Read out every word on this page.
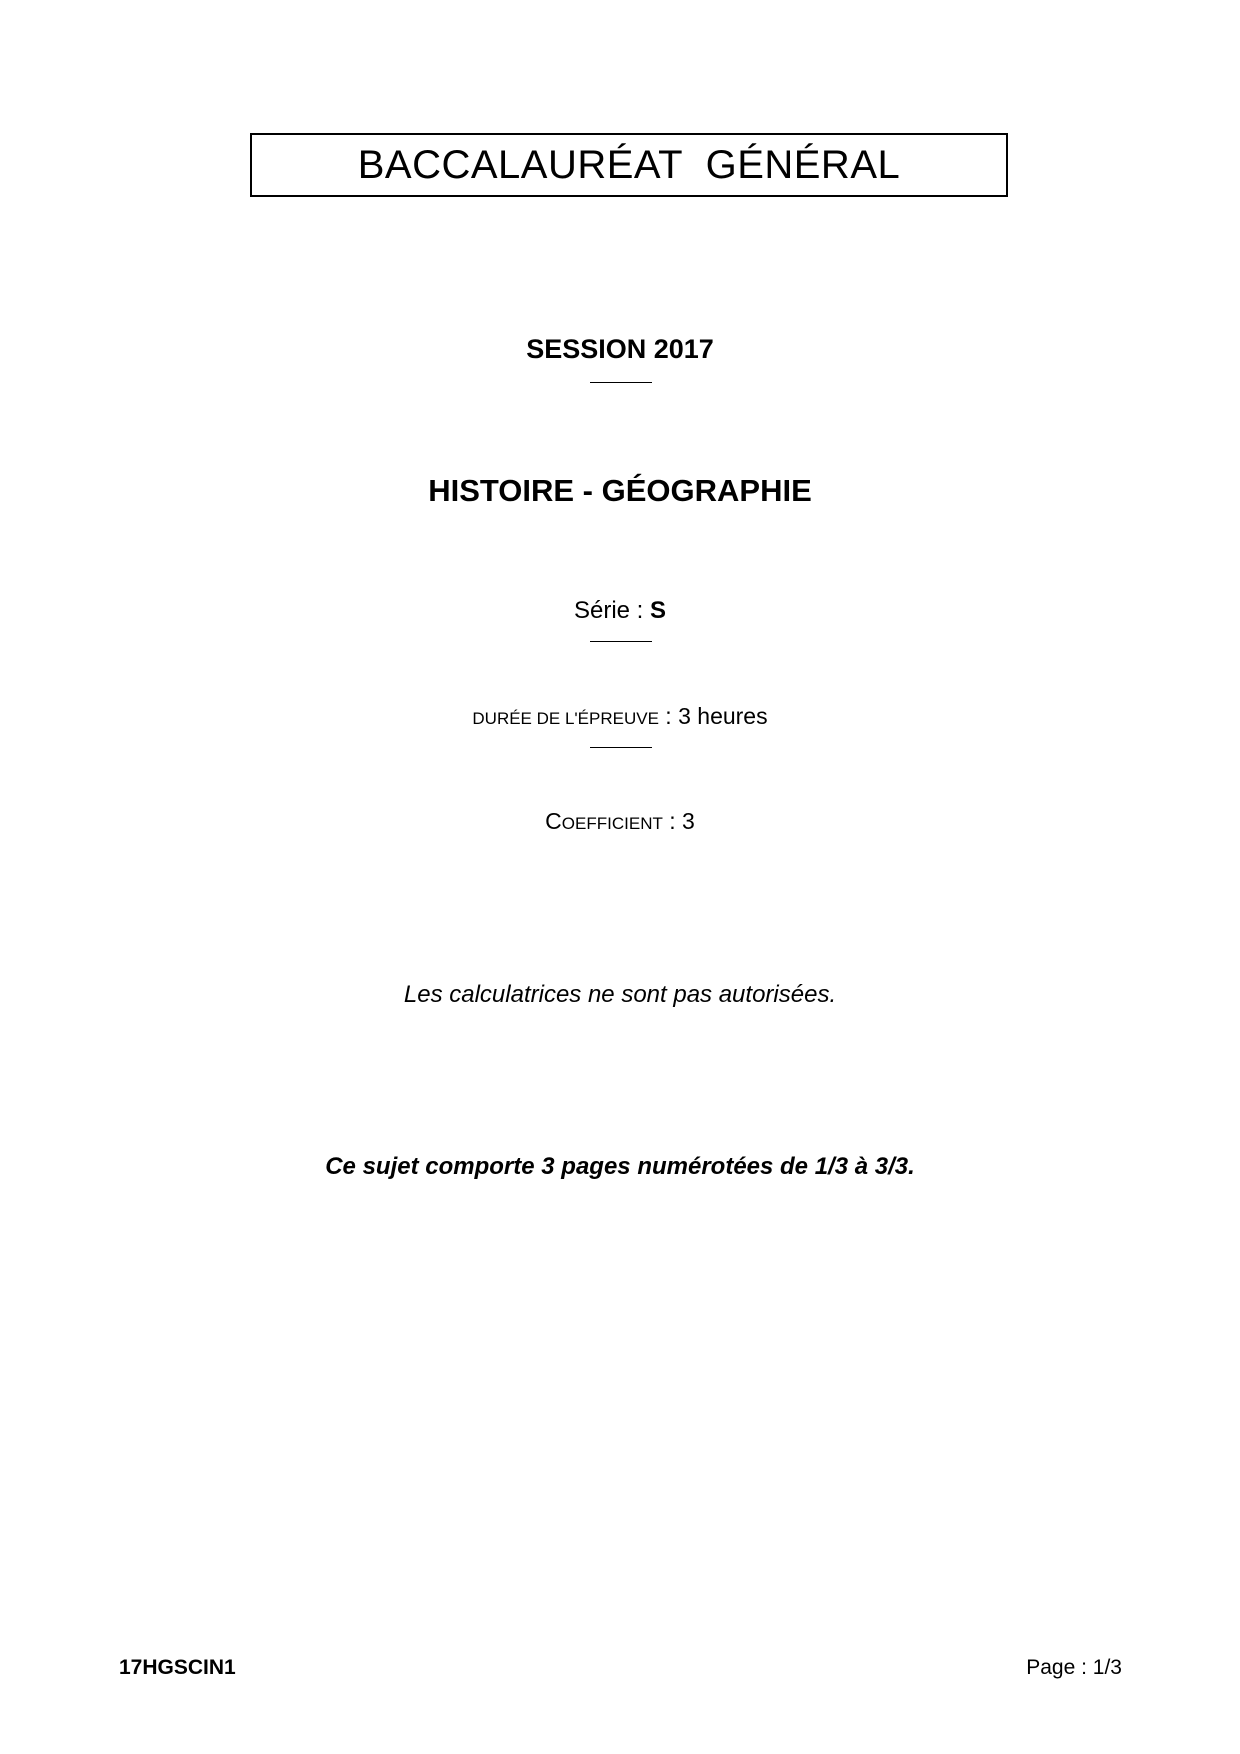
BACCALAURÉAT  GÉNÉRAL
SESSION 2017
HISTOIRE - GÉOGRAPHIE
Série : S
DURÉE DE L'ÉPREUVE : 3 heures
COEFFICIENT : 3
Les calculatrices ne sont pas autorisées.
Ce sujet comporte 3 pages numérotées de 1/3 à 3/3.
17HGSCIN1	Page : 1/3
